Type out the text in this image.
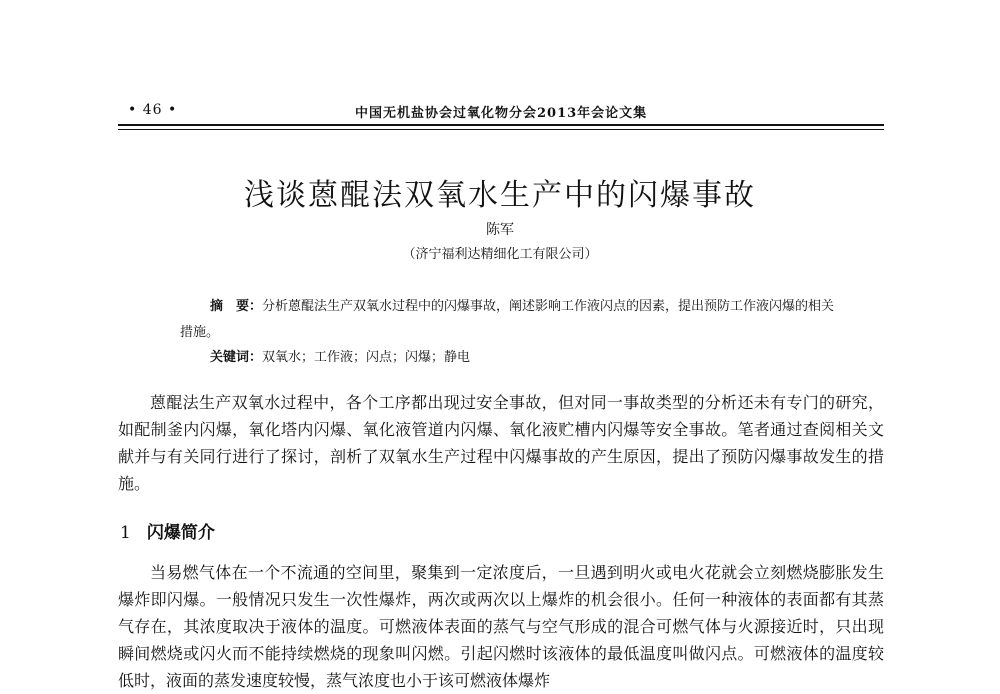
• 46 •	中国无机盐协会过氧化物分会2013年会论文集
浅谈蒽醌法双氧水生产中的闪爆事故
陈军
（济宁福利达精细化工有限公司）
摘　要：分析蒽醌法生产双氧水过程中的闪爆事故，阐述影响工作液闪点的因素，提出预防工作液闪爆的相关措施。
关键词：双氧水；工作液；闪点；闪爆；静电
蒽醌法生产双氧水过程中，各个工序都出现过安全事故，但对同一事故类型的分析还未有专门的研究，如配制釜内闪爆，氧化塔内闪爆、氧化液管道内闪爆、氧化液贮槽内闪爆等安全事故。笔者通过查阅相关文献并与有关同行进行了探讨，剖析了双氧水生产过程中闪爆事故的产生原因，提出了预防闪爆事故发生的措施。
1 闪爆简介
当易燃气体在一个不流通的空间里，聚集到一定浓度后，一旦遇到明火或电火花就会立刻燃烧膨胀发生爆炸即闪爆。一般情况只发生一次性爆炸，两次或两次以上爆炸的机会很小。任何一种液体的表面都有其蒸气存在，其浓度取决于液体的温度。可燃液体表面的蒸气与空气形成的混合可燃气体与火源接近时，只出现瞬间燃烧或闪火而不能持续燃烧的现象叫闪燃。引起闪燃时该液体的最低温度叫做闪点。可燃液体的温度较低时，液面的蒸发速度较慢，蒸气浓度也小于该可燃液体爆炸
